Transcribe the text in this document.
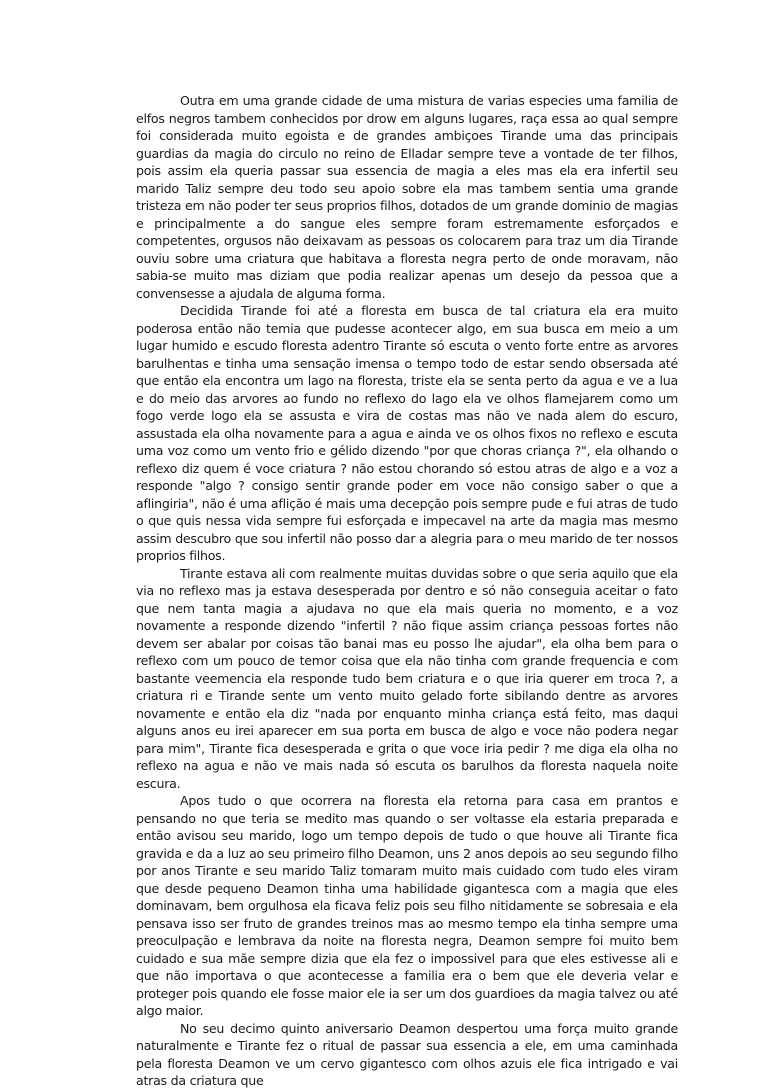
Outra em uma grande cidade de uma mistura de varias especies uma familia de elfos negros tambem conhecidos por drow em alguns lugares, raça essa ao qual sempre foi considerada muito egoista e de grandes ambiçoes Tirande uma das principais guardias da magia do circulo no reino de Elladar sempre teve a vontade de ter filhos, pois assim ela queria passar sua essencia de magia a eles mas ela era infertil seu marido Taliz sempre deu todo seu apoio sobre ela mas tambem sentia uma grande tristeza em não poder ter seus proprios filhos, dotados de um grande dominio de magias e principalmente a do sangue eles sempre foram estremamente esforçados e competentes, orgusos não deixavam as pessoas os colocarem para traz um dia Tirande ouviu sobre uma criatura que habitava a floresta negra perto de onde moravam, não sabia-se muito mas diziam que podia realizar apenas um desejo da pessoa que a convensesse a ajudala de alguma forma.

Decidida Tirande foi até a floresta em busca de tal criatura ela era muito poderosa então não temia que pudesse acontecer algo, em sua busca em meio a um lugar humido e escudo floresta adentro Tirante só escuta o vento forte entre as arvores barulhentas e tinha uma sensação imensa o tempo todo de estar sendo obsersada até que então ela encontra um lago na floresta, triste ela se senta perto da agua e ve a lua e do meio das arvores ao fundo no reflexo do lago ela ve olhos flamejarem como um fogo verde logo ela se assusta e vira de costas mas não ve nada alem do escuro, assustada ela olha novamente para a agua e ainda ve os olhos fixos no reflexo e escuta uma voz como um vento frio e gélido dizendo "por que choras criança ?", ela olhando o reflexo diz quem é voce criatura ? não estou chorando só estou atras de algo e a voz a responde "algo ? consigo sentir grande poder em voce não consigo saber o que a aflingiria", não é uma aflição é mais uma decepção pois sempre pude e fui atras de tudo o que quis nessa vida sempre fui esforçada e impecavel na arte da magia mas mesmo assim descubro que sou infertil não posso dar a alegria para o meu marido de ter nossos proprios filhos.

Tirante estava ali com realmente muitas duvidas sobre o que seria aquilo que ela via no reflexo mas ja estava desesperada por dentro e só não conseguia aceitar o fato que nem tanta magia a ajudava no que ela mais queria no momento, e a voz novamente a responde dizendo "infertil ? não fique assim criança pessoas fortes não devem ser abalar por coisas tão banai mas eu posso lhe ajudar", ela olha bem para o reflexo com um pouco de temor coisa que ela não tinha com grande frequencia e com bastante veemencia ela responde tudo bem criatura e o que iria querer em troca ?, a criatura ri e Tirande sente um vento muito gelado forte sibilando dentre as arvores novamente e então ela diz "nada por enquanto minha criança está feito, mas daqui alguns anos eu irei aparecer em sua porta em busca de algo e voce não podera negar para mim", Tirante fica desesperada e grita o que voce iria pedir ? me diga ela olha no reflexo na agua e não ve mais nada só escuta os barulhos da floresta naquela noite escura.

Apos tudo o que ocorrera na floresta ela retorna para casa em prantos e pensando no que teria se medito mas quando o ser voltasse ela estaria preparada e então avisou seu marido, logo um tempo depois de tudo o que houve ali Tirante fica gravida e da a luz ao seu primeiro filho Deamon, uns 2 anos depois ao seu segundo filho por anos Tirante e seu marido Taliz tomaram muito mais cuidado com tudo eles viram que desde pequeno Deamon tinha uma habilidade gigantesca com a magia que eles dominavam, bem orgulhosa ela ficava feliz pois seu filho nitidamente se sobresaia e ela pensava isso ser fruto de grandes treinos mas ao mesmo tempo ela tinha sempre uma preoculpação e lembrava da noite na floresta negra, Deamon sempre foi muito bem cuidado e sua mãe sempre dizia que ela fez o impossivel para que eles estivesse ali e que não importava o que acontecesse a familia era o bem que ele deveria velar e proteger pois quando ele fosse maior ele ia ser um dos guardioes da magia talvez ou até algo maior.

No seu decimo quinto aniversario Deamon despertou uma força muito grande naturalmente e Tirante fez o ritual de passar sua essencia a ele, em uma caminhada pela floresta Deamon ve um cervo gigantesco com olhos azuis ele fica intrigado e vai atras da criatura que
